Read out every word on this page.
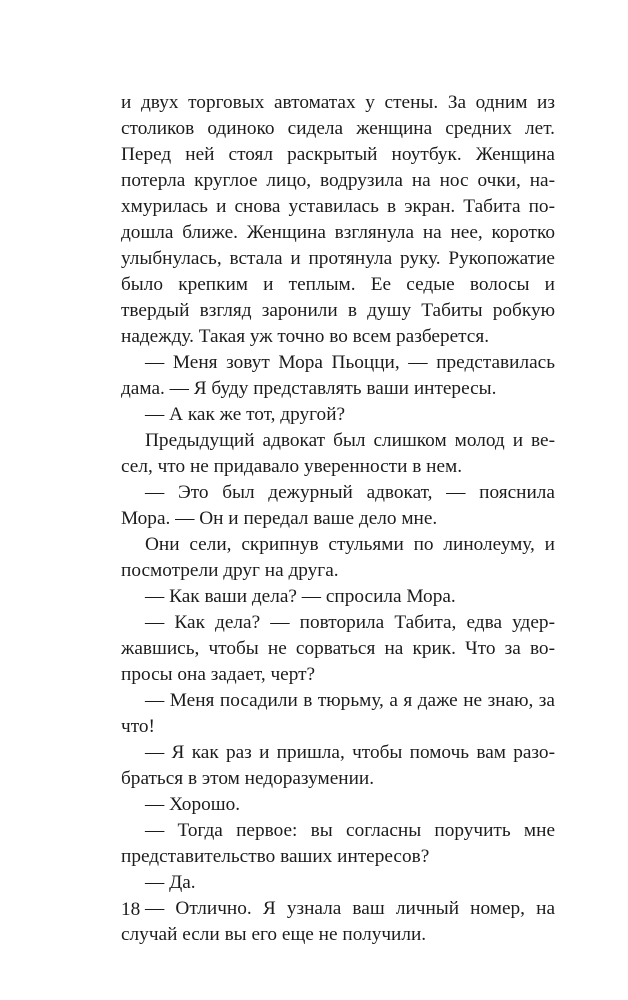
и двух торговых автоматах у стены. За одним из столиков одиноко сидела женщина средних лет. Перед ней стоял раскрытый ноутбук. Женщина потерла круглое лицо, водрузила на нос очки, нахмурилась и снова уставилась в экран. Табита подошла ближе. Женщина взглянула на нее, коротко улыбнулась, встала и протянула руку. Рукопожатие было крепким и теплым. Ее седые волосы и твердый взгляд заронили в душу Табиты робкую надежду. Такая уж точно во всем разберется.

— Меня зовут Мора Пьоцци, — представилась дама. — Я буду представлять ваши интересы.

— А как же тот, другой?

Предыдущий адвокат был слишком молод и весел, что не придавало уверенности в нем.

— Это был дежурный адвокат, — пояснила Мора. — Он и передал ваше дело мне.

Они сели, скрипнув стульями по линолеуму, и посмотрели друг на друга.

— Как ваши дела? — спросила Мора.

— Как дела? — повторила Табита, едва удержавшись, чтобы не сорваться на крик. Что за вопросы она задает, черт?

— Меня посадили в тюрьму, а я даже не знаю, за что!

— Я как раз и пришла, чтобы помочь вам разобраться в этом недоразумении.

— Хорошо.

— Тогда первое: вы согласны поручить мне представительство ваших интересов?

— Да.

— Отлично. Я узнала ваш личный номер, на случай если вы его еще не получили.

18
